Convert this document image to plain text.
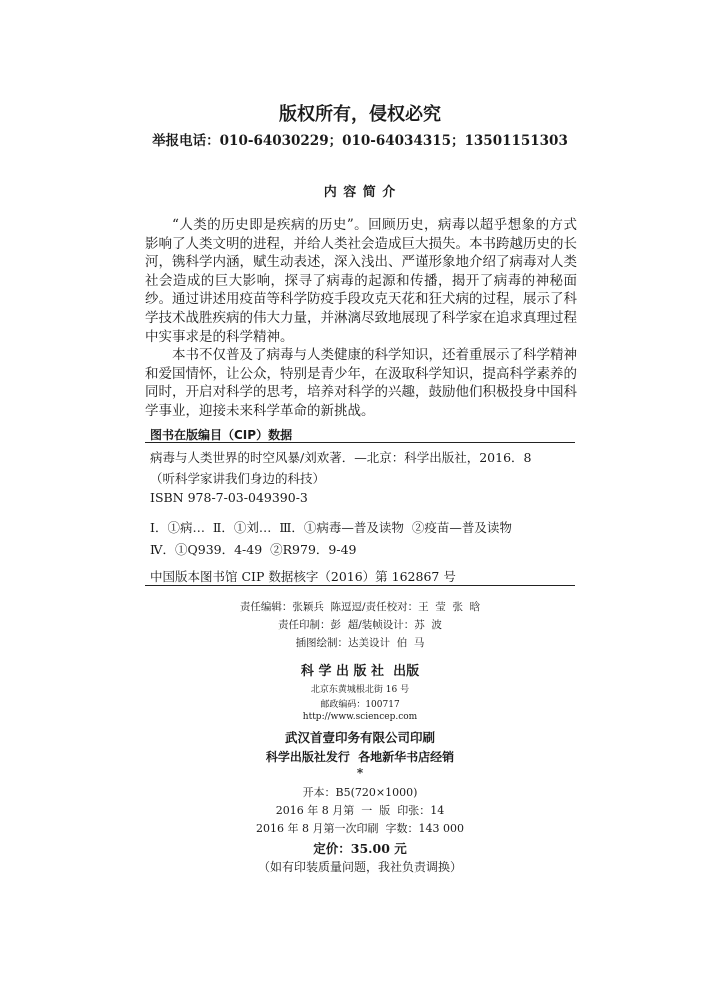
版权所有，侵权必究
举报电话：010-64030229；010-64034315；13501151303
内 容 简 介

“人类的历史即是疾病的历史”。回顾历史，病毒以超乎想象的方式影响了人类文明的进程，并给人类社会造成巨大损失。本书跨越历史的长河，镌科学内涵，赋生动表述，深入浅出、严谨形象地介绍了病毒对人类社会造成的巨大影响，探寻了病毒的起源和传播，揭开了病毒的神秘面纱。通过讲述用疫苗等科学防疫手段攻克天花和狂犬病的过程，展示了科学技术战胜疾病的伟大力量，并淋漓尽致地展现了科学家在追求真理过程中实事求是的科学精神。

本书不仅普及了病毒与人类健康的科学知识，还着重展示了科学精神和爱国情怀，让公众，特别是青少年，在汲取科学知识，提高科学素养的同时，开启对科学的思考，培养对科学的兴趣，鼓励他们积极投身中国科学事业，迎接未来科学革命的新挑战。

图书在版编目（CIP）数据
病毒与人类世界的时空风暴/刘欢著．—北京：科学出版社，2016．8
（听科学家讲我们身边的科技）
ISBN 978-7-03-049390-3
Ⅰ．①病…  Ⅱ．①刘…  Ⅲ．①病毒—普及读物  ②疫苗—普及读物
Ⅳ．①Q939．4-49  ②R979．9-49
中国版本图书馆 CIP 数据核字（2016）第 162867 号
责任编辑：张颖兵  陈逗逗/责任校对：王  莹  张  晗
责任印制：彭  超/装帧设计：苏  波
插图绘制：达美设计  伯  马
科 学 出 版 社  出版
北京东黄城根北街 16 号
邮政编码：100717
http://www.sciencep.com
武汉首壹印务有限公司印刷
科学出版社发行  各地新华书店经销
*
开本：B5(720×1000)
2016 年 8 月第  一  版  印张：14
2016 年 8 月第一次印刷  字数：143 000
定价：35.00 元
（如有印装质量问题，我社负责调换）
